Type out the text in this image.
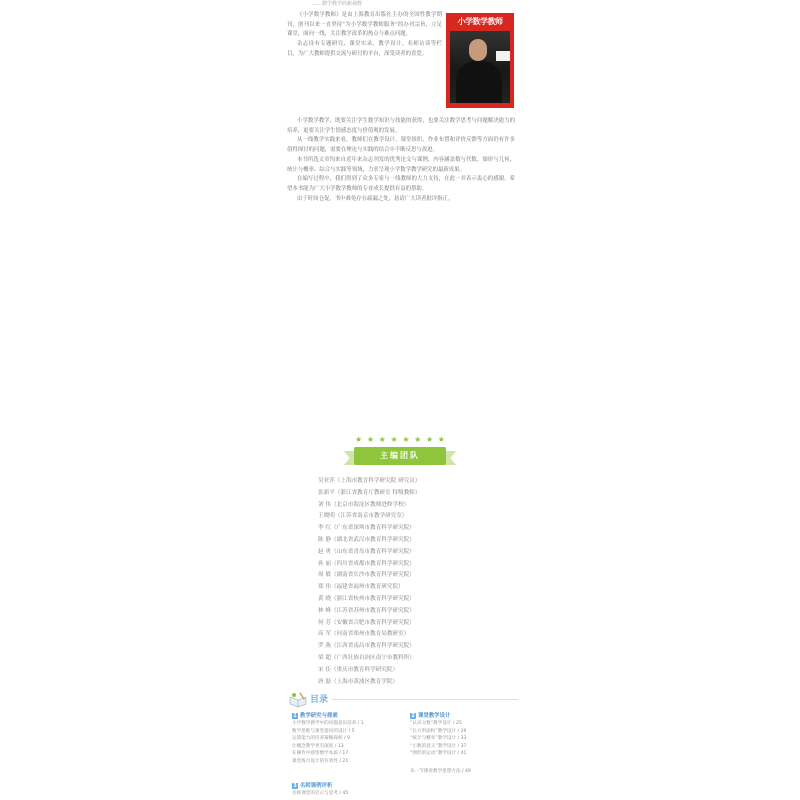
……数学教学的新视野

《小学数学教师》是由上海教育出版社主办的全国性教学期刊，创刊以来一直坚持“为小学数学教师服务”的办刊宗旨，立足课堂，面向一线，关注教学改革的热点与难点问题。

杂志设有专题研究、课堂实录、教学设计、名师访谈等栏目，为广大教师提供交流与研讨的平台，深受读者的喜爱。

小学数学教师

小学数学教学，既要关注学生数学知识与技能的获得，也要关注数学思考与问题解决能力的培养，更要关注学生情感态度与价值观的发展。

从一线教学实践来看，教师们在教学设计、课堂组织、作业布置和评价反馈等方面仍有许多值得探讨的问题，需要在理论与实践的结合中不断反思与改进。

本书所选文章均来自近年来杂志刊发的优秀论文与课例，内容涵盖数与代数、图形与几何、统计与概率、综合与实践等领域，力求呈现小学数学教学研究的最新成果。

在编写过程中，我们得到了众多专家与一线教师的大力支持，在此一并表示衷心的感谢。希望本书能为广大小学数学教师的专业成长提供有益的帮助。

由于时间仓促，书中难免存在疏漏之处，恳请广大读者批评指正。

★ ★ ★ ★ ★ ★ ★ ★
主编团队
吴亚萍（上海市教育科学研究院 研究员）
张新平（浙江省教育厅教研室 特级教师）
刘 伟（北京市海淀区教师进修学校）
王晓明（江苏省南京市教学研究室）
李 红（广东省深圳市教育科学研究院）
陈 静（湖北省武汉市教育科学研究院）
赵 勇（山东省青岛市教育科学研究院）
孙 丽（四川省成都市教育科学研究院）
周 敏（湖南省长沙市教育科学研究院）
郑 伟（福建省福州市教育研究院）
黄 晓（浙江省杭州市教育科学研究院）
林 峰（江苏省苏州市教育科学研究院）
何 芳（安徽省合肥市教育科学研究院）
高 军（河南省郑州市教育局教研室）
罗 燕（江西省南昌市教育科学研究院）
梁 超（广西壮族自治区南宁市教科所）
宋 佳（重庆市教育科学研究院）
唐 磊（上海市黄浦区教育学院）
目录
1 教学研究与探索
小学数学教学中的问题意识培养 / 1
数学思维与课堂提问的设计 / 5
运算能力的培养策略探析 / 9
让概念教学更有深度 / 13
在操作中感悟数学本质 / 17
课堂练习设计的有效性 / 21
3 名师课例评析
名师课堂的启示与思考 / 45
2 课堂教学设计
“认识分数”教学设计 / 25
“长方形面积”教学设计 / 29
“统计与概率”教学设计 / 33
“小数的意义”教学设计 / 37
“图形的运动”教学设计 / 41
从一节课看数学思想方法 / 49
